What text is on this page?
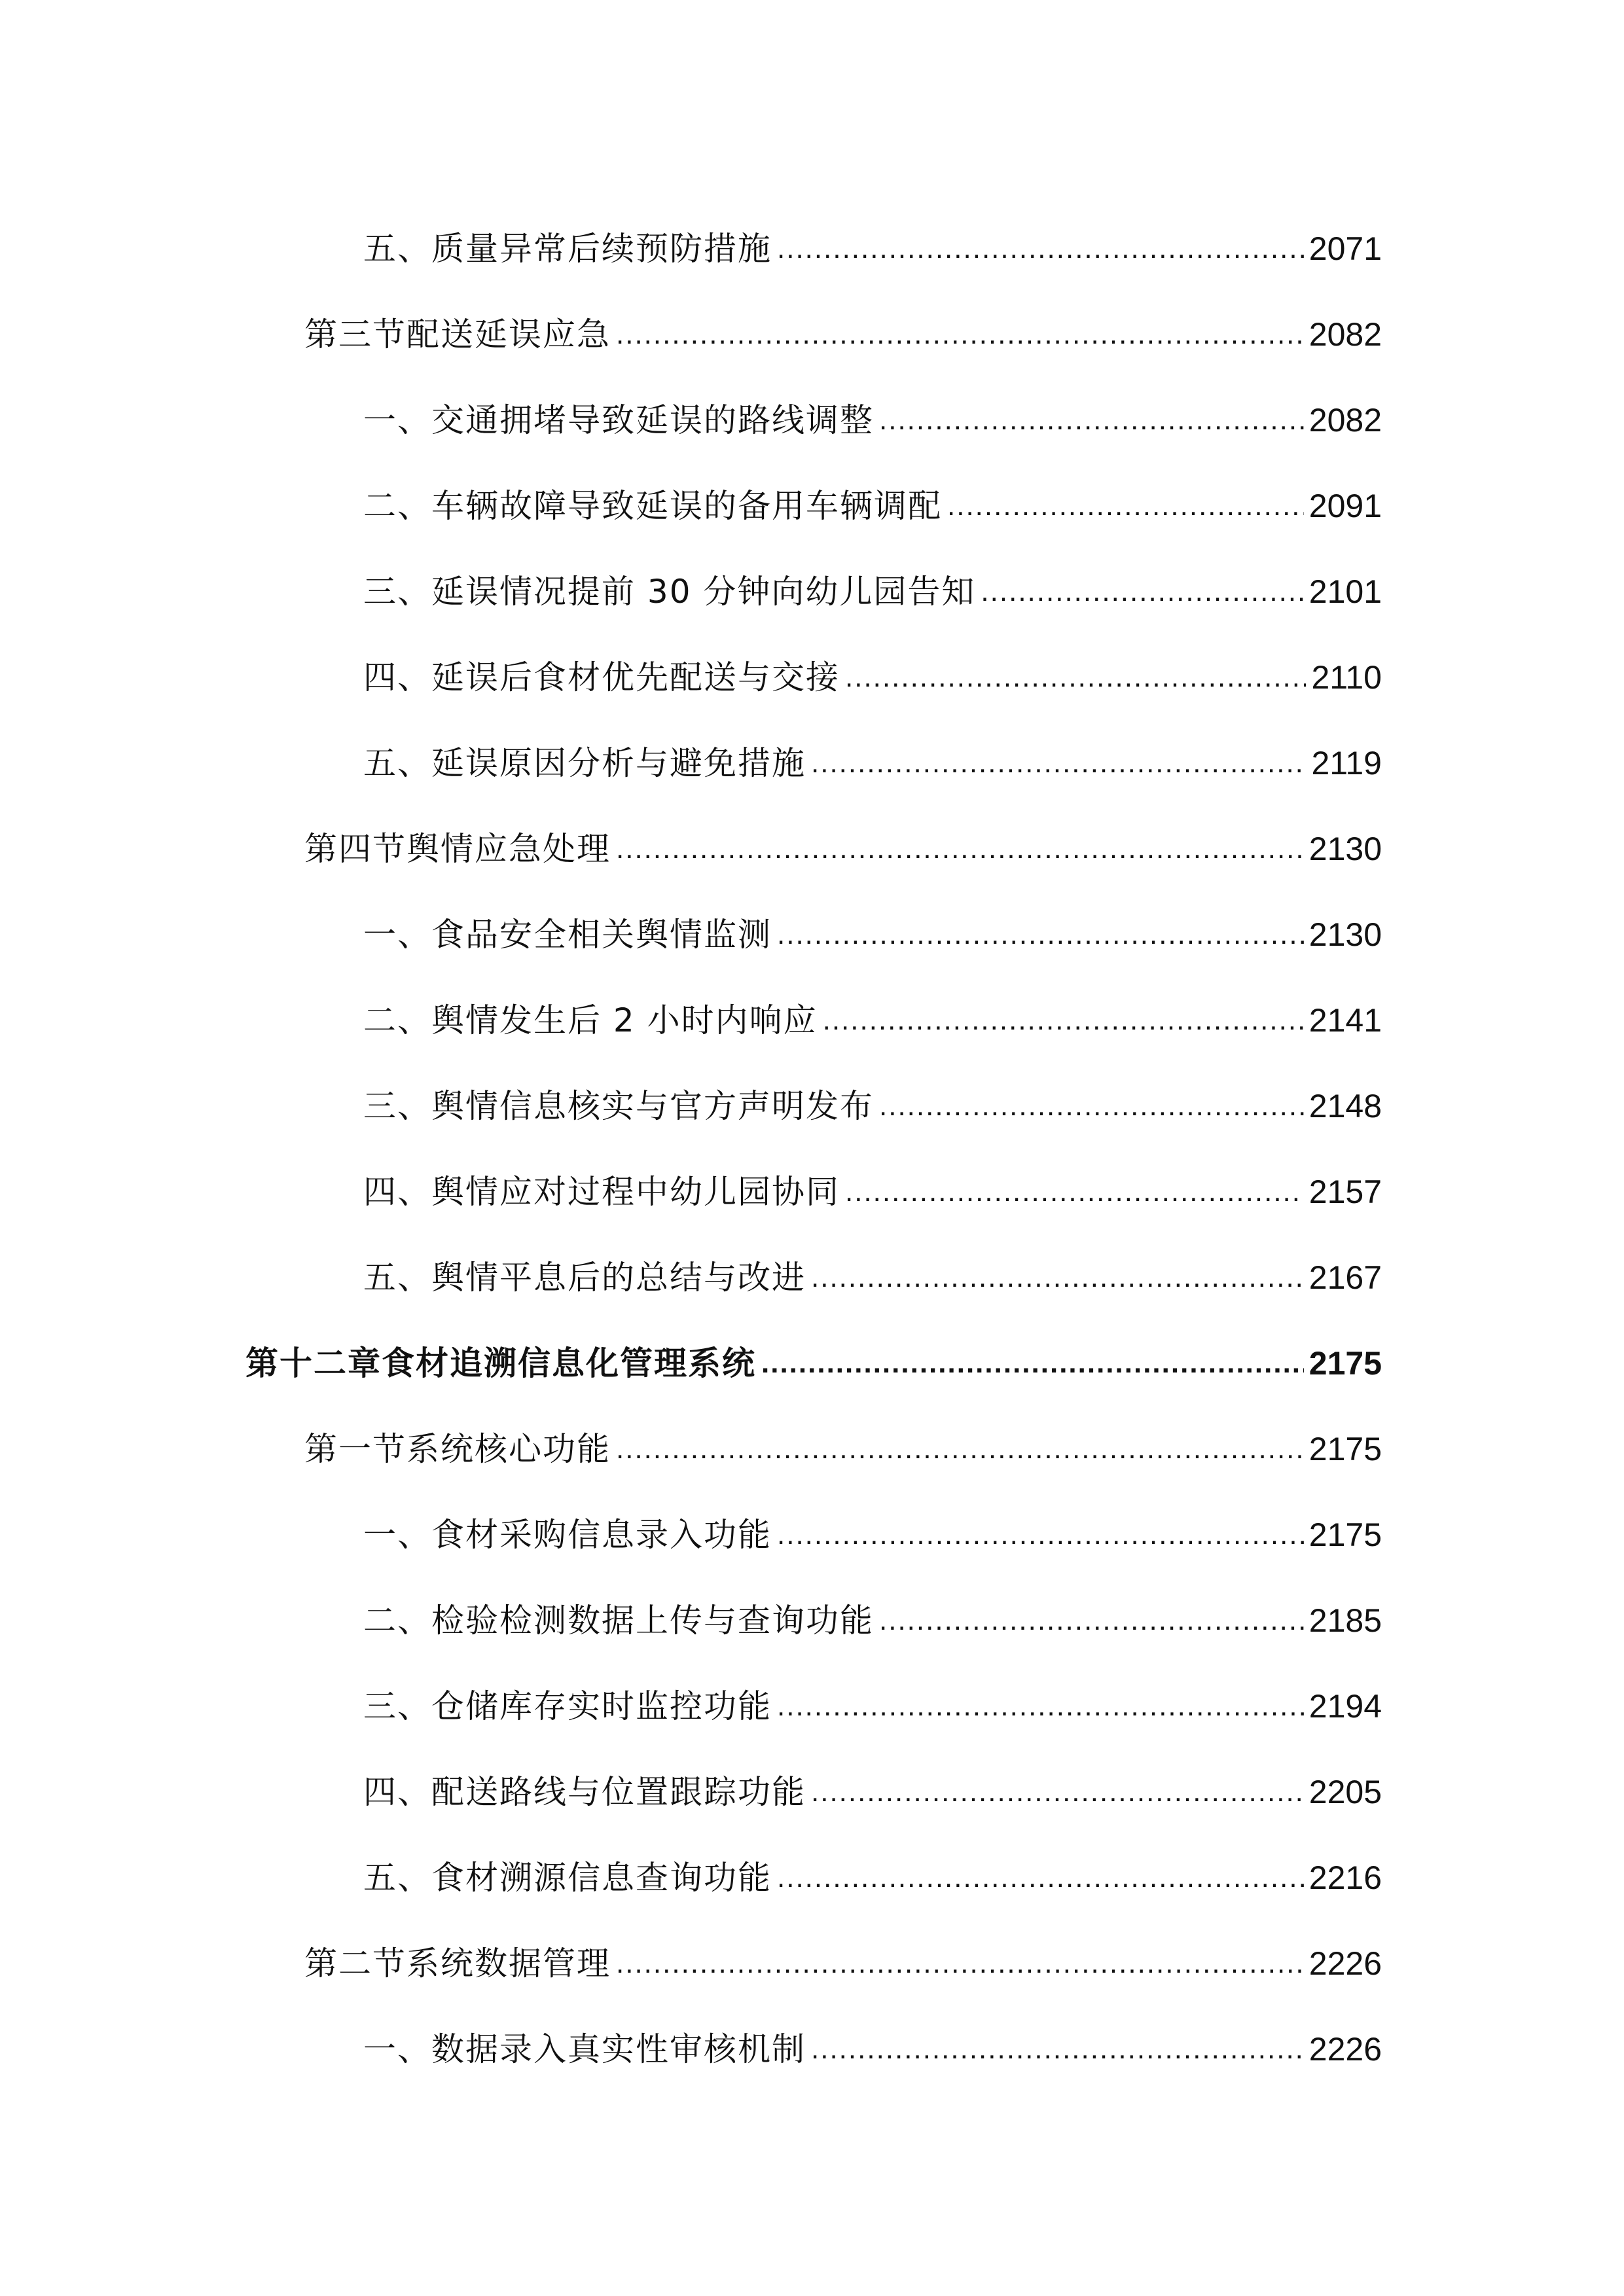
五、质量异常后续预防措施 .....	2071
第三节配送延误应急 .....	2082
一、交通拥堵导致延误的路线调整 .....	2082
二、车辆故障导致延误的备用车辆调配 .....	2091
三、延误情况提前 30 分钟向幼儿园告知 .....	2101
四、延误后食材优先配送与交接 .....	2110
五、延误原因分析与避免措施 .....	2119
第四节舆情应急处理 .....	2130
一、食品安全相关舆情监测 .....	2130
二、舆情发生后 2 小时内响应 .....	2141
三、舆情信息核实与官方声明发布 .....	2148
四、舆情应对过程中幼儿园协同 .....	2157
五、舆情平息后的总结与改进 .....	2167
第十二章食材追溯信息化管理系统 .....	2175
第一节系统核心功能 .....	2175
一、食材采购信息录入功能 .....	2175
二、检验检测数据上传与查询功能 .....	2185
三、仓储库存实时监控功能 .....	2194
四、配送路线与位置跟踪功能 .....	2205
五、食材溯源信息查询功能 .....	2216
第二节系统数据管理 .....	2226
一、数据录入真实性审核机制 .....	2226
